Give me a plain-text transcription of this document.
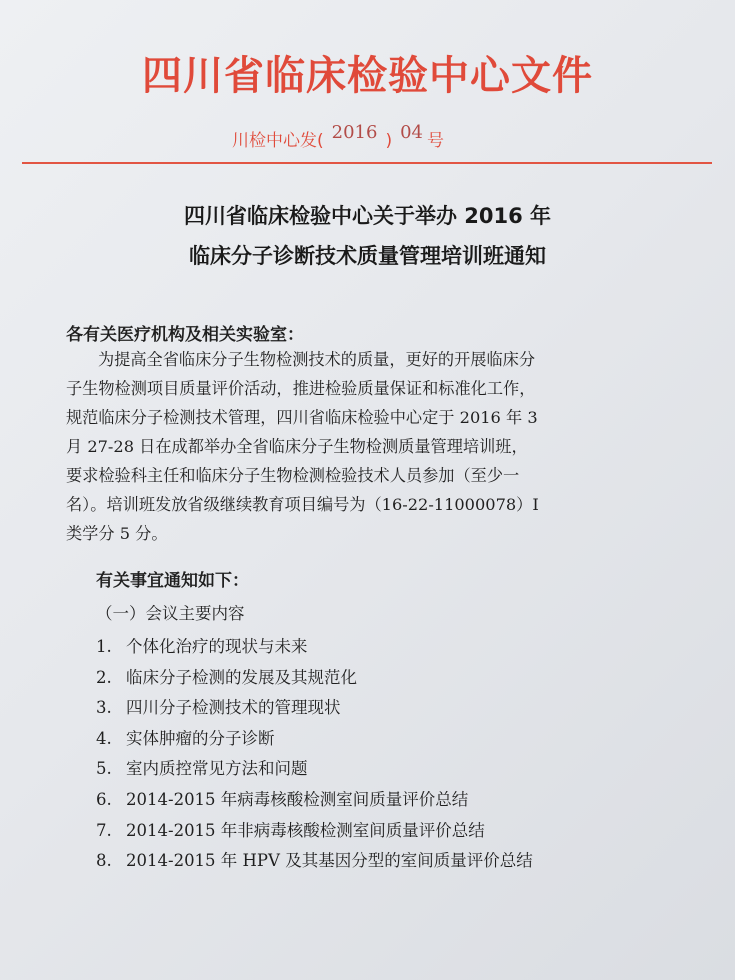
四川省临床检验中心文件
川检中心发( 2016 ) 04 号
四川省临床检验中心关于举办 2016 年
临床分子诊断技术质量管理培训班通知
各有关医疗机构及相关实验室：
为提高全省临床分子生物检测技术的质量，更好的开展临床分
子生物检测项目质量评价活动，推进检验质量保证和标准化工作，
规范临床分子检测技术管理，四川省临床检验中心定于 2016 年 3
月 27-28 日在成都举办全省临床分子生物检测质量管理培训班，
要求检验科主任和临床分子生物检测检验技术人员参加（至少一
名）。培训班发放省级继续教育项目编号为（16-22-11000078）I
类学分 5 分。
有关事宜通知如下：
（一）会议主要内容
1. 个体化治疗的现状与未来
2. 临床分子检测的发展及其规范化
3. 四川分子检测技术的管理现状
4. 实体肿瘤的分子诊断
5. 室内质控常见方法和问题
6. 2014-2015 年病毒核酸检测室间质量评价总结
7. 2014-2015 年非病毒核酸检测室间质量评价总结
8. 2014-2015 年 HPV 及其基因分型的室间质量评价总结
